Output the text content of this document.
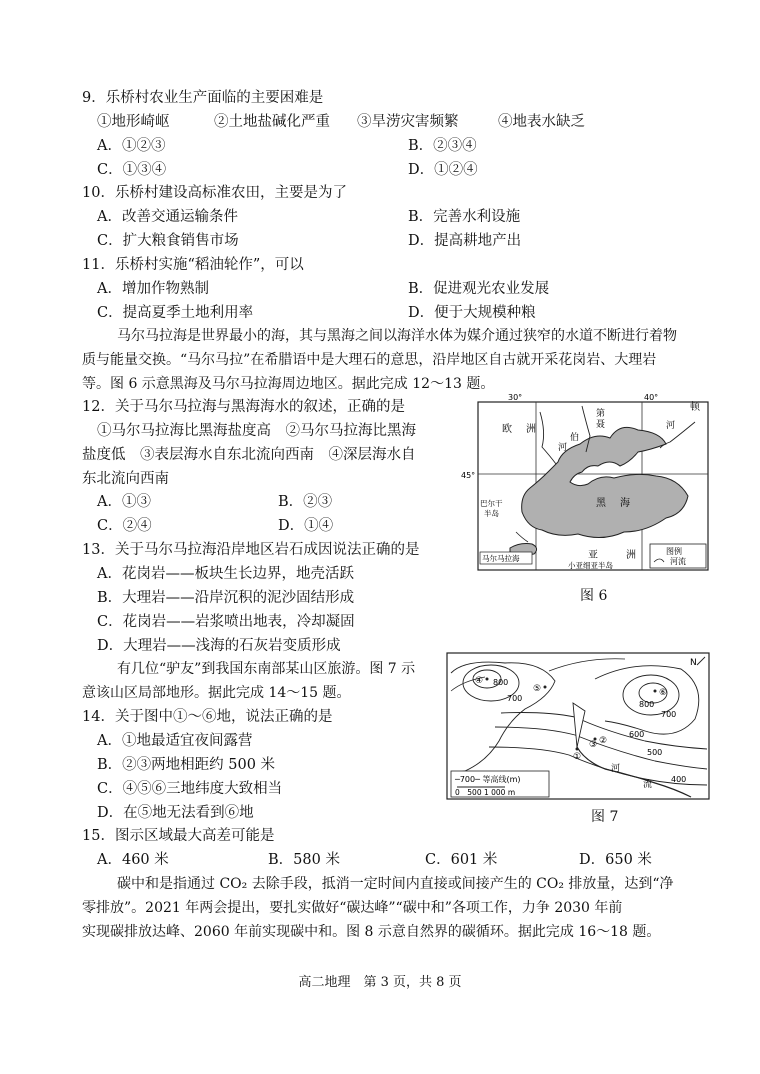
9．乐桥村农业生产面临的主要困难是
①地形崎岖	②土地盐碱化严重 ③旱涝灾害频繁	④地表水缺乏
A．①②③	B．②③④
C．①③④	D．①②④
10．乐桥村建设高标准农田，主要是为了
A．改善交通运输条件	B．完善水利设施
C．扩大粮食销售市场	D．提高耕地产出
11．乐桥村实施“稻油轮作”，可以
A．增加作物熟制	B．促进观光农业发展
C．提高夏季土地利用率	D．便于大规模种粮
马尔马拉海是世界最小的海，其与黑海之间以海洋水体为媒介通过狭窄的水道不断进行着物
质与能量交换。“马尔马拉”在希腊语中是大理石的意思，沿岸地区自古就开采花岗岩、大理岩
等。图 6 示意黑海及马尔马拉海周边地区。据此完成 12～13 题。
12．关于马尔马拉海与黑海海水的叙述，正确的是
①马尔马拉海比黑海盐度高　②马尔马拉海比黑海
盐度低　③表层海水自东北流向西南　④深层海水自
东北流向西南
A．①③	B．②③
C．②④	D．①④
13．关于马尔马拉海沿岸地区岩石成因说法正确的是
A．花岗岩——板块生长边界，地壳活跃
B．大理岩——沿岸沉积的泥沙固结形成
C．花岗岩——岩浆喷出地表，冷却凝固
D．大理岩——浅海的石灰岩变质形成
有几位“驴友”到我国东南部某山区旅游。图 7 示
意该山区局部地形。据此完成 14～15 题。
14．关于图中①～⑥地，说法正确的是
A．①地最适宜夜间露营
B．②③两地相距约 500 米
C．④⑤⑥三地纬度大致相当
D．在⑤地无法看到⑥地
15．图示区域最大高差可能是
A．460 米	B．580 米	C．601 米	D．650 米
碳中和是指通过 CO₂ 去除手段，抵消一定时间内直接或间接产生的 CO₂ 排放量，达到“净
零排放”。2021 年两会提出，要扎实做好“碳达峰”“碳中和”各项工作，力争 2030 年前
实现碳排放达峰、2060 年前实现碳中和。图 8 示意自然界的碳循环。据此完成 16～18 题。
30°	40°
45°
欧 洲
第
聂
伯
河
河
顿
黑 海
巴尔干
半岛
马尔马拉海	亚	洲
小亚细亚半岛
图例
河流
图 6
N
800
700
800
700
600
500
400
河
流
④
⑤	⑥
①
②
③
─700─ 等高线(m)
0　500 1 000 m
图 7
高二地理　第 3 页，共 8 页
